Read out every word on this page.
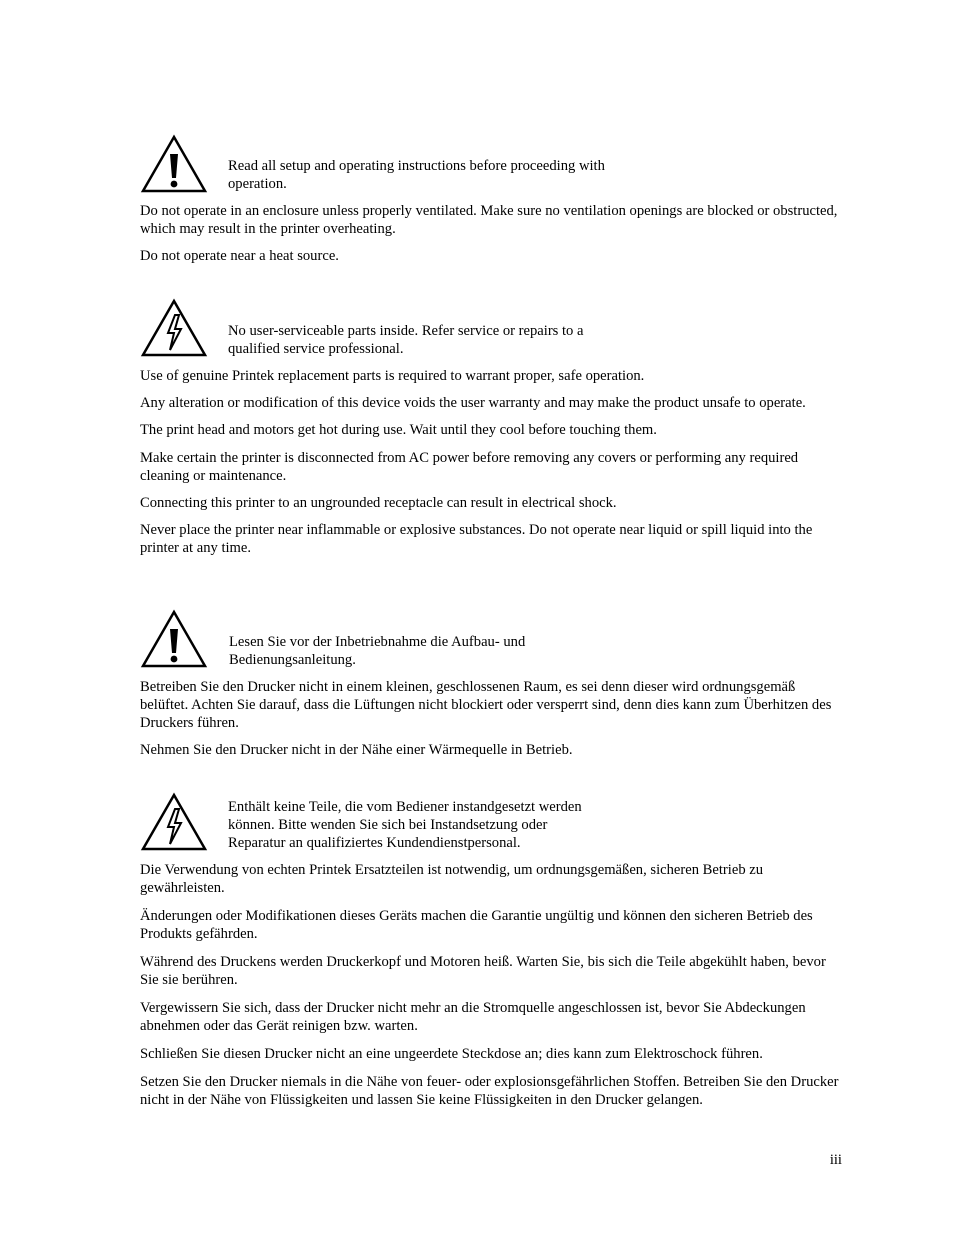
Read all setup and operating instructions before proceeding with
operation.

Do not operate in an enclosure unless properly ventilated. Make sure no ventilation openings are blocked or obstructed, which may result in the printer overheating.

Do not operate near a heat source.

No user-serviceable parts inside. Refer service or repairs to a
qualified service professional.

Use of genuine Printek replacement parts is required to warrant proper, safe operation.

Any alteration or modification of this device voids the user warranty and may make the product unsafe to operate.

The print head and motors get hot during use. Wait until they cool before touching them.

Make certain the printer is disconnected from AC power before removing any covers or performing any required cleaning or maintenance.

Connecting this printer to an ungrounded receptacle can result in electrical shock.

Never place the printer near inflammable or explosive substances. Do not operate near liquid or spill liquid into the printer at any time.

Lesen Sie vor der Inbetriebnahme die Aufbau- und
Bedienungsanleitung.

Betreiben Sie den Drucker nicht in einem kleinen, geschlossenen Raum, es sei denn dieser wird ordnungsgemäß belüftet. Achten Sie darauf, dass die Lüftungen nicht blockiert oder versperrt sind, denn dies kann zum Überhitzen des Druckers führen.

Nehmen Sie den Drucker nicht in der Nähe einer Wärmequelle in Betrieb.

Enthält keine Teile, die vom Bediener instandgesetzt werden
können. Bitte wenden Sie sich bei Instandsetzung oder
Reparatur an qualifiziertes Kundendienstpersonal.

Die Verwendung von echten Printek Ersatzteilen ist notwendig, um ordnungsgemäßen, sicheren Betrieb zu gewährleisten.

Änderungen oder Modifikationen dieses Geräts machen die Garantie ungültig und können den sicheren Betrieb des Produkts gefährden.

Während des Druckens werden Druckerkopf und Motoren heiß. Warten Sie, bis sich die Teile abgekühlt haben, bevor Sie sie berühren.

Vergewissern Sie sich, dass der Drucker nicht mehr an die Stromquelle angeschlossen ist, bevor Sie Abdeckungen abnehmen oder das Gerät reinigen bzw. warten.

Schließen Sie diesen Drucker nicht an eine ungeerdete Steckdose an; dies kann zum Elektroschock führen.

Setzen Sie den Drucker niemals in die Nähe von feuer- oder explosionsgefährlichen Stoffen. Betreiben Sie den Drucker nicht in der Nähe von Flüssigkeiten und lassen Sie keine Flüssigkeiten in den Drucker gelangen.

iii
